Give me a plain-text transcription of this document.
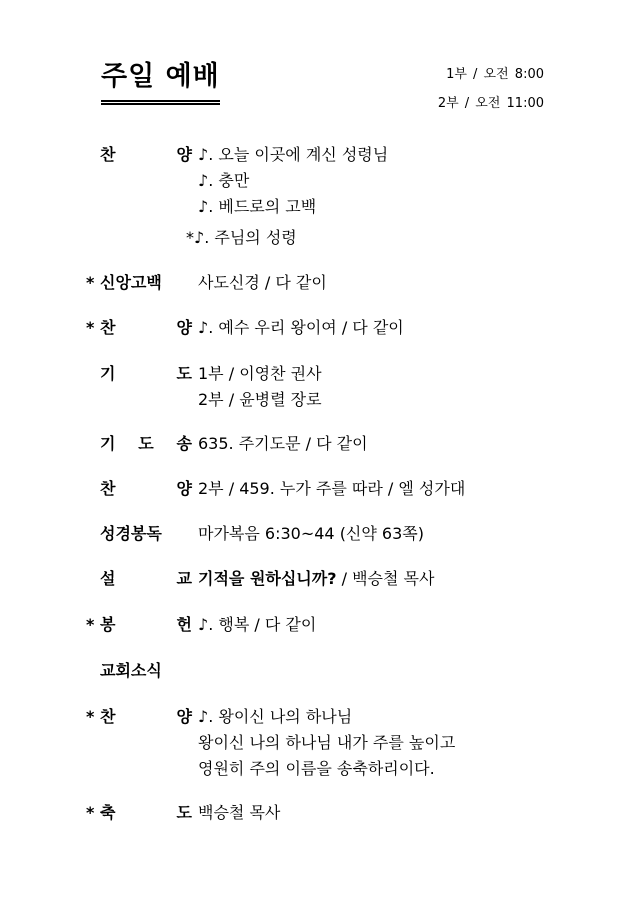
주일 예배	1부 / 오전 8:00
2부 / 오전 11:00
찬	양 ♪. 오늘 이곳에 계신 성령님
♪. 충만
♪. 베드로의 고백
*♪. 주님의 성령
* 신앙고백	사도신경 / 다 같이
* 찬	양 ♪. 예수 우리 왕이여 / 다 같이
기	도 1부 / 이영찬 권사
2부 / 윤병렬 장로
기 도 송 635. 주기도문 / 다 같이
찬	양 2부 / 459. 누가 주를 따라 / 엘 성가대
성경봉독	마가복음 6:30~44 (신약 63쪽)
설	교 기적을 원하십니까? / 백승철 목사
* 봉	헌 ♪. 행복 / 다 같이
교회소식
* 찬	양 ♪. 왕이신 나의 하나님
왕이신 나의 하나님 내가 주를 높이고
영원히 주의 이름을 송축하리이다.
* 축	도 백승철 목사
